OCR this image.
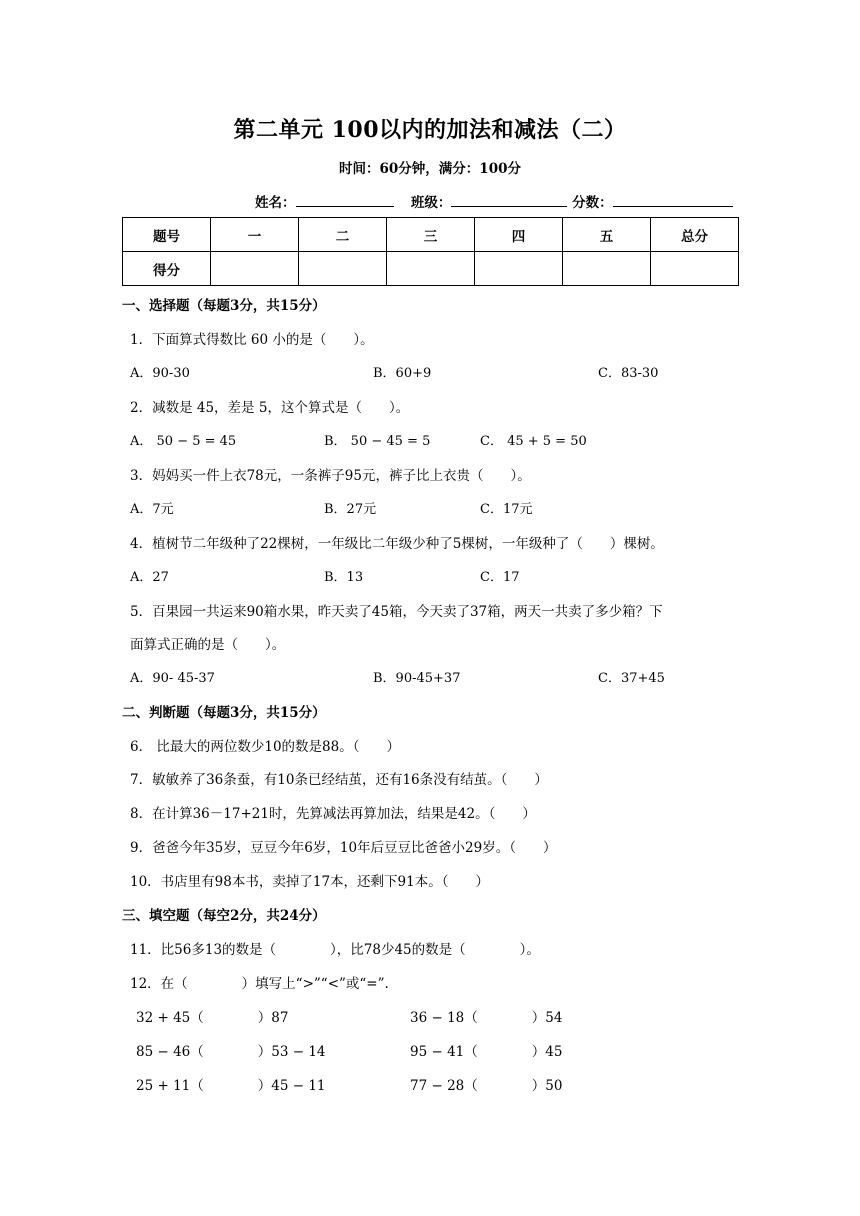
第二单元 100以内的加法和减法（二）
时间：60分钟，满分：100分
姓名：	班级：	分数：
题号	一	二	三	四	五	总分
得分						
一、选择题（每题3分，共15分）
1．下面算式得数比 60 小的是（　　）。
A．90-30	B．60+9	C．83-30
2．减数是 45，差是 5，这个算式是（　　）。
A． 50 − 5 = 45	B． 50 − 45 = 5	C． 45 + 5 = 50
3．妈妈买一件上衣78元，一条裤子95元，裤子比上衣贵（　　）。
A．7元	B．27元	C．17元
4．植树节二年级种了22棵树，一年级比二年级少种了5棵树，一年级种了（　　）棵树。
A．27	B．13	C．17
5．百果园一共运来90箱水果，昨天卖了45箱，今天卖了37箱，两天一共卖了多少箱？下
面算式正确的是（　　）。
A．90- 45-37	B．90-45+37	C．37+45
二、判断题（每题3分，共15分）
6． 比最大的两位数少10的数是88。（　　）
7．敏敏养了36条蚕，有10条已经结茧，还有16条没有结茧。（　　）
8．在计算36－17+21时，先算减法再算加法，结果是42。（　　）
9．爸爸今年35岁，豆豆今年6岁，10年后豆豆比爸爸小29岁。（　　）
10．书店里有98本书，卖掉了17本，还剩下91本。（　　）
三、填空题（每空2分，共24分）
11．比56多13的数是（　　　　），比78少45的数是（　　　　）。
12．在（　　　　）填写上“>”“<”或“=”.
32 + 45（　　　　）87	36 − 18（　　　　）54
85 − 46（　　　　）53 − 14	95 − 41（　　　　）45
25 + 11（　　　　）45 − 11	77 − 28（　　　　）50
